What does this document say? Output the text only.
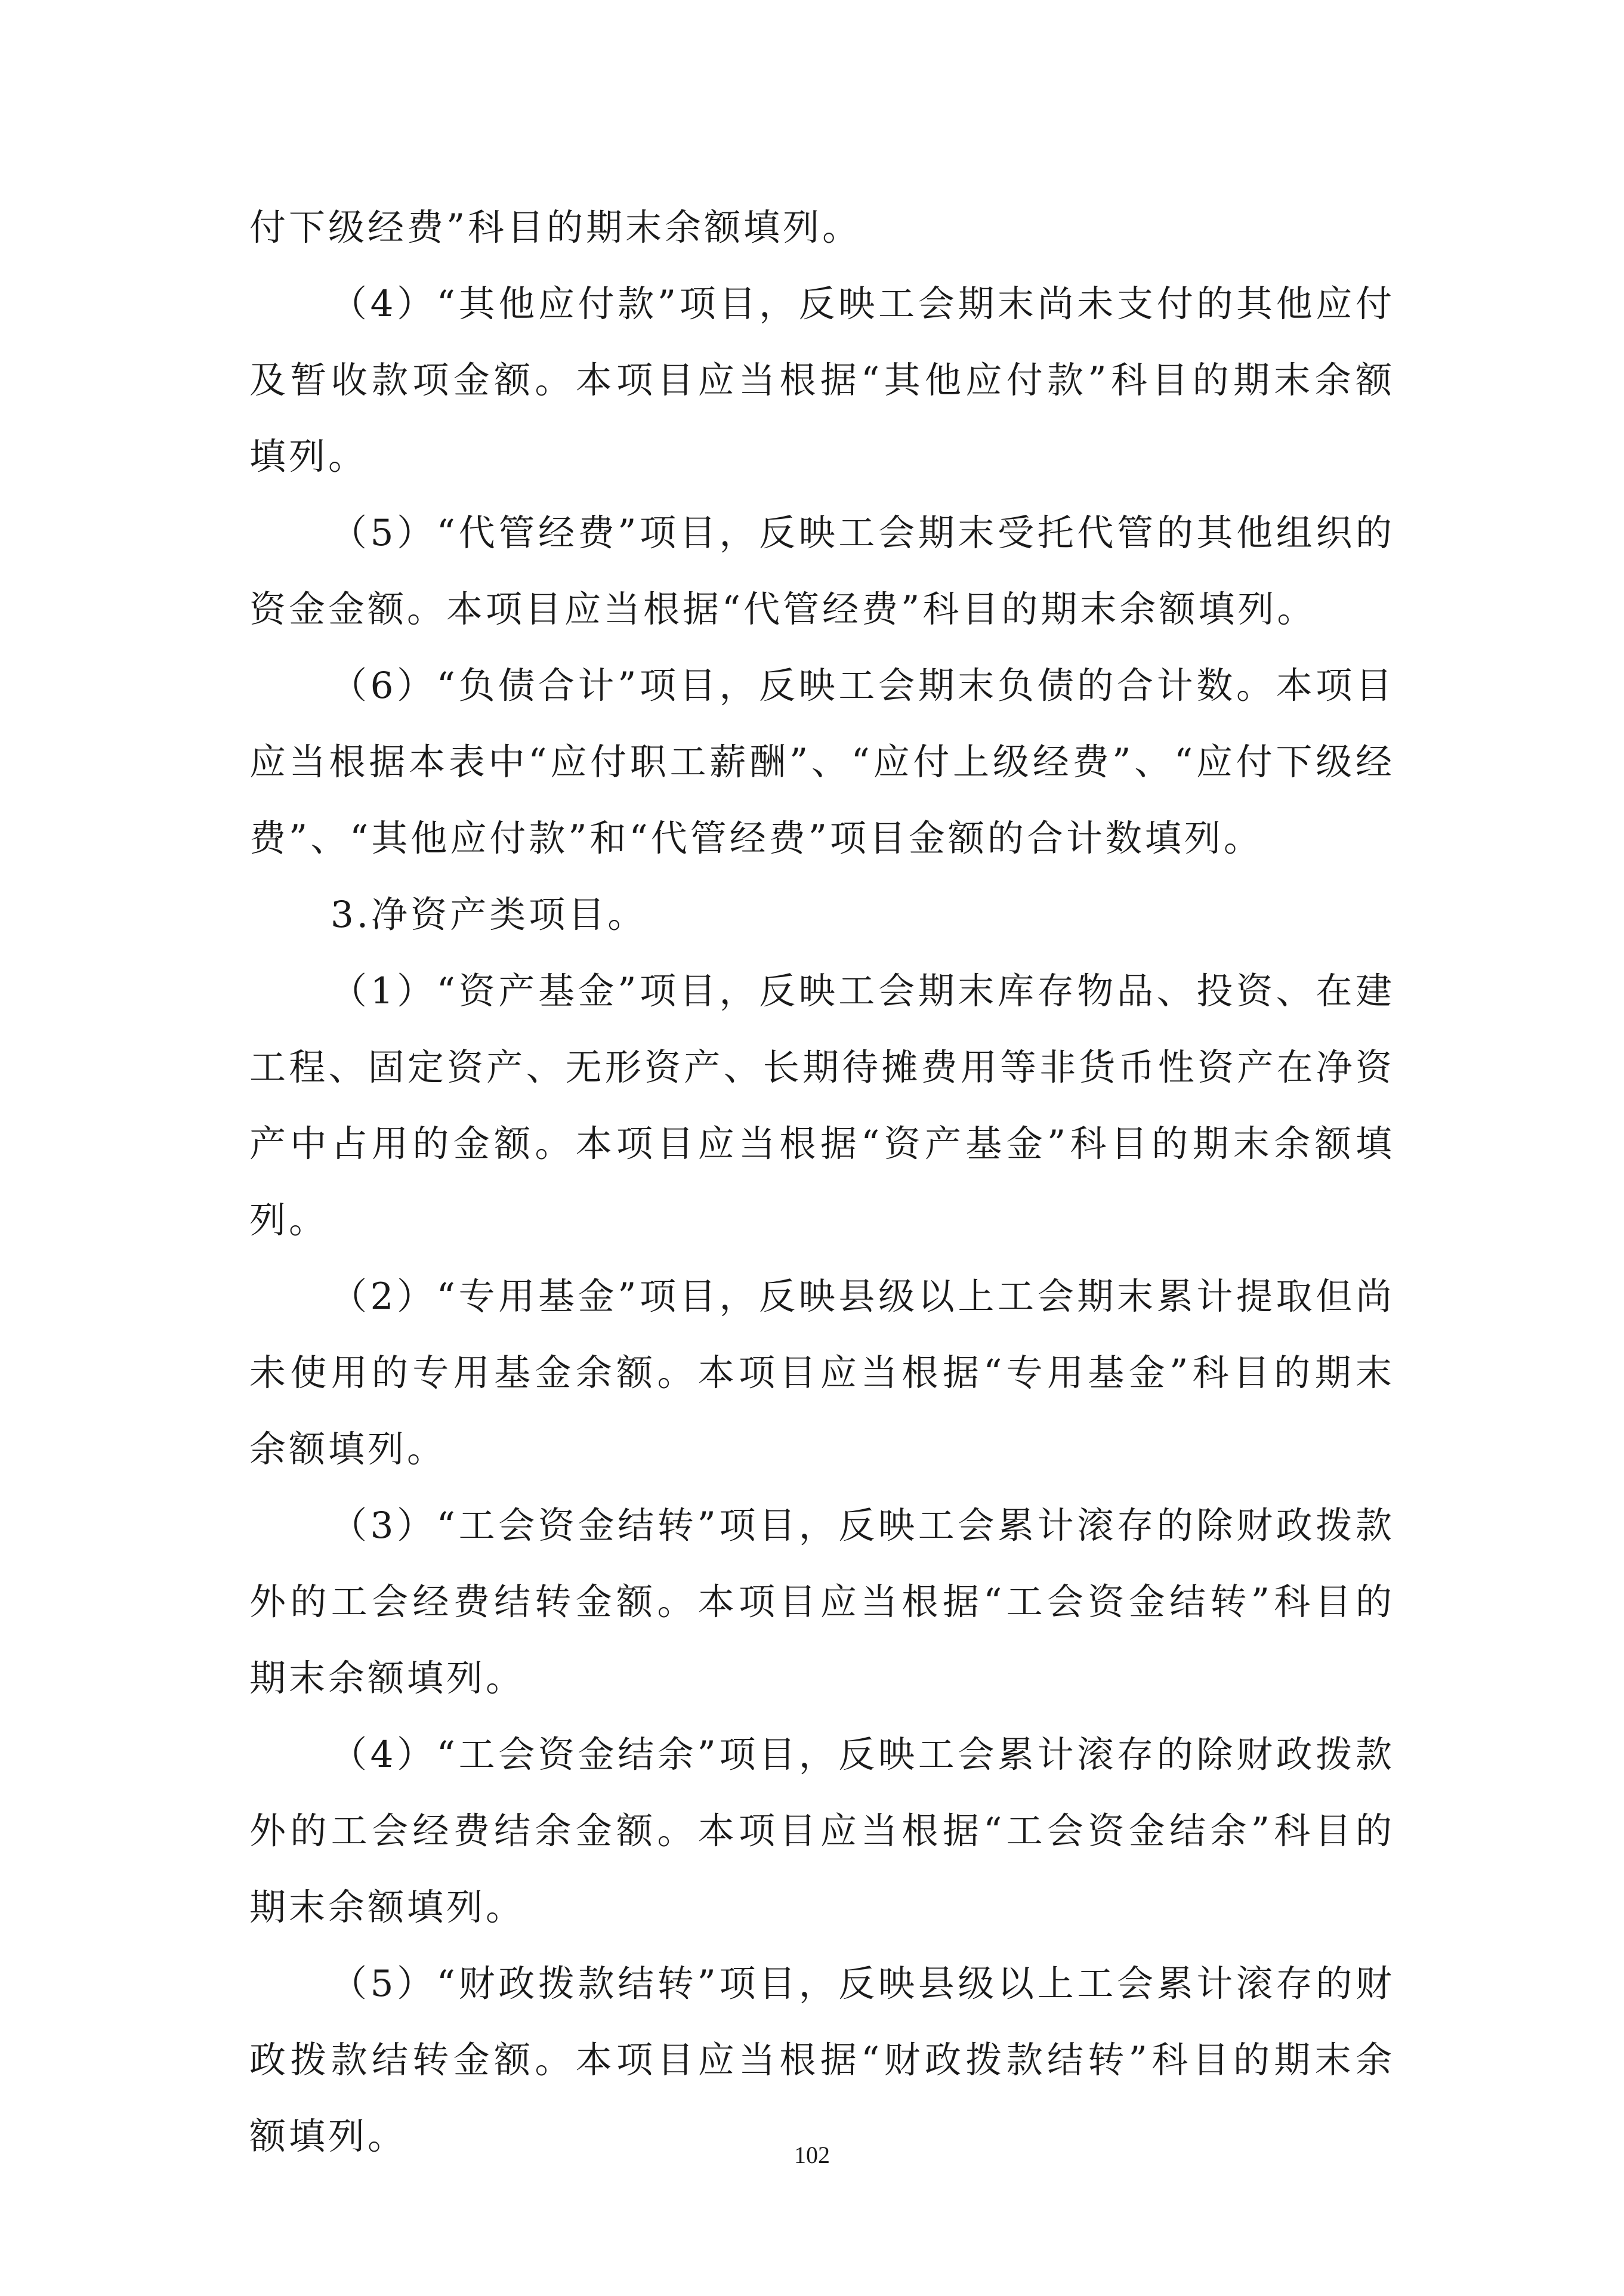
付下级经费”科目的期末余额填列。

（4）“其他应付款”项目，反映工会期末尚未支付的其他应付及暂收款项金额。本项目应当根据“其他应付款”科目的期末余额填列。

（5）“代管经费”项目，反映工会期末受托代管的其他组织的资金金额。本项目应当根据“代管经费”科目的期末余额填列。

（6）“负债合计”项目，反映工会期末负债的合计数。本项目应当根据本表中“应付职工薪酬”、“应付上级经费”、“应付下级经费”、“其他应付款”和“代管经费”项目金额的合计数填列。

3.净资产类项目。

（1）“资产基金”项目，反映工会期末库存物品、投资、在建工程、固定资产、无形资产、长期待摊费用等非货币性资产在净资产中占用的金额。本项目应当根据“资产基金”科目的期末余额填列。

（2）“专用基金”项目，反映县级以上工会期末累计提取但尚未使用的专用基金余额。本项目应当根据“专用基金”科目的期末余额填列。

（3）“工会资金结转”项目，反映工会累计滚存的除财政拨款外的工会经费结转金额。本项目应当根据“工会资金结转”科目的期末余额填列。

（4）“工会资金结余”项目，反映工会累计滚存的除财政拨款外的工会经费结余金额。本项目应当根据“工会资金结余”科目的期末余额填列。

（5）“财政拨款结转”项目，反映县级以上工会累计滚存的财政拨款结转金额。本项目应当根据“财政拨款结转”科目的期末余额填列。	102
